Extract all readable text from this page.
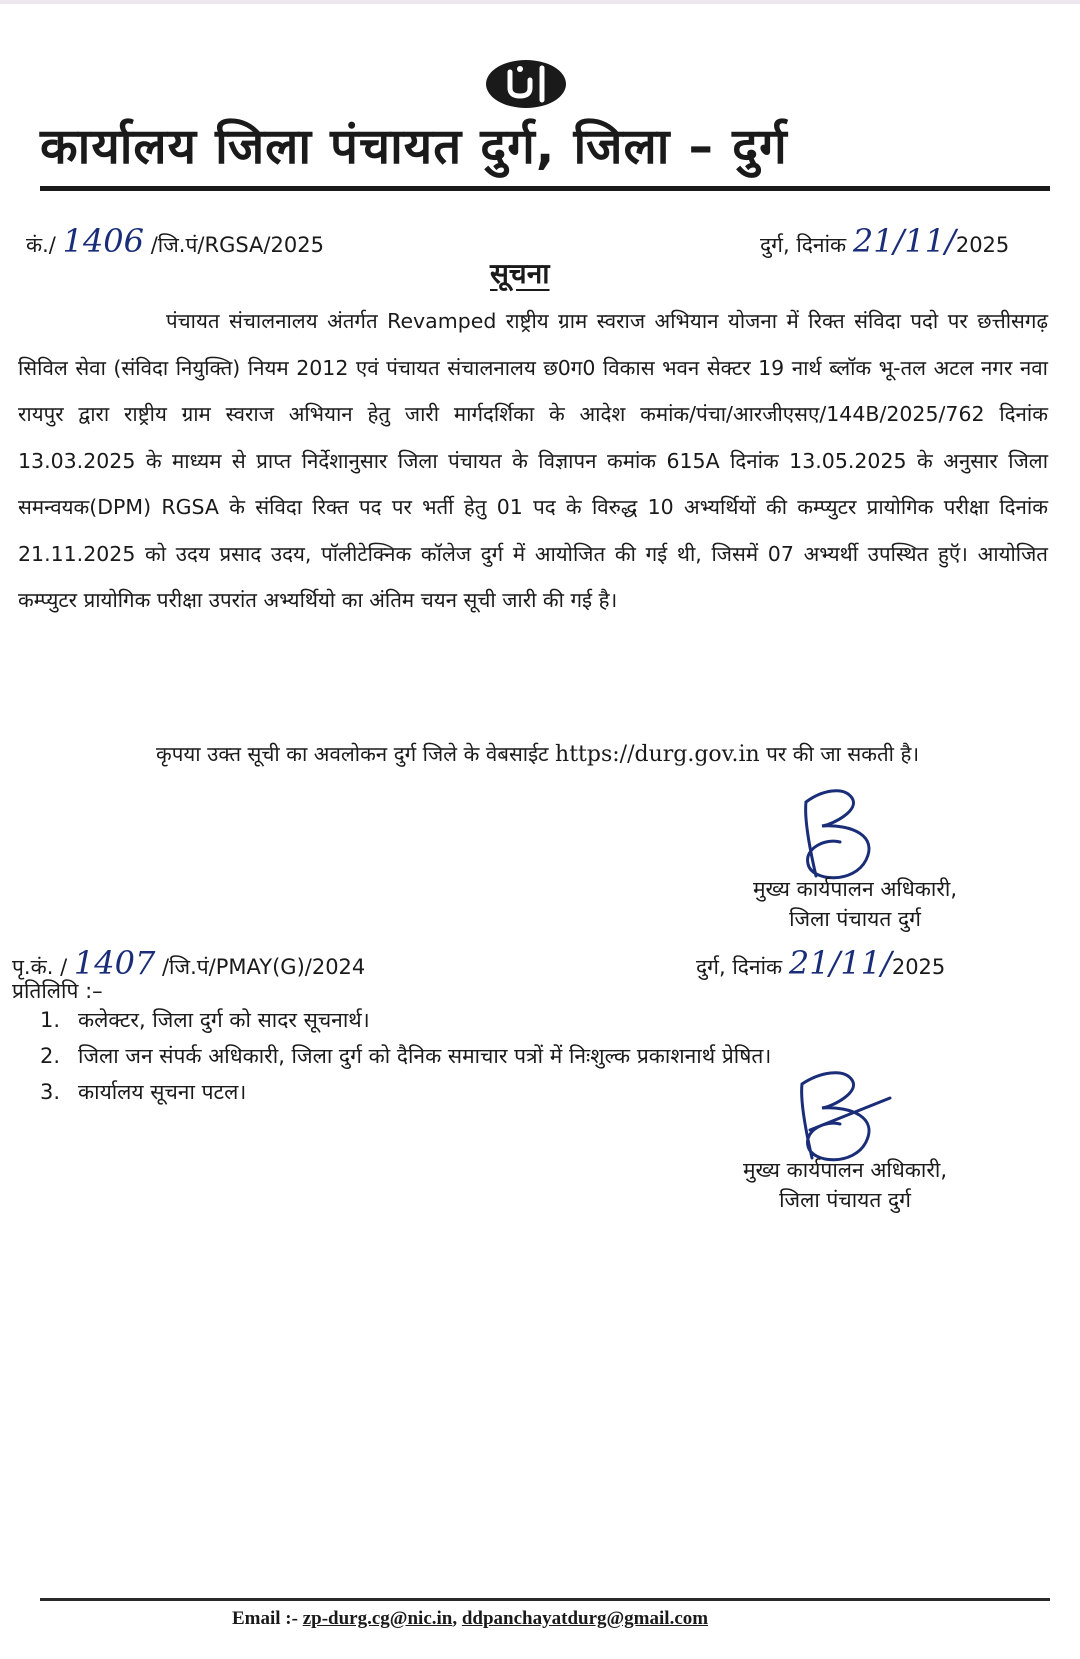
कार्यालय जिला पंचायत दुर्ग, जिला – दुर्ग
कं./ 1406 /जि.पं/RGSA/2025	दुर्ग, दिनांक 21/11/2025
सूचना
पंचायत संचालनालय अंतर्गत Revamped राष्ट्रीय ग्राम स्वराज अभियान योजना में रिक्त संविदा पदो पर छत्तीसगढ़ सिविल सेवा (संविदा नियुक्ति) नियम 2012 एवं पंचायत संचालनालय छ0ग0 विकास भवन सेक्टर 19 नार्थ ब्लॉक भू-तल अटल नगर नवा रायपुर द्वारा राष्ट्रीय ग्राम स्वराज अभियान हेतु जारी मार्गदर्शिका के आदेश कमांक/पंचा/आरजीएसए/144B/2025/762 दिनांक 13.03.2025 के माध्यम से प्राप्त निर्देशानुसार जिला पंचायत के विज्ञापन कमांक 615A दिनांक 13.05.2025 के अनुसार जिला समन्वयक(DPM) RGSA के संविदा रिक्त पद पर भर्ती हेतु 01 पद के विरुद्ध 10 अभ्यर्थियों की कम्प्युटर प्रायोगिक परीक्षा दिनांक 21.11.2025 को उदय प्रसाद उदय, पॉलीटेक्निक कॉलेज दुर्ग में आयोजित की गई थी, जिसमें 07 अभ्यर्थी उपस्थित हुऍ। आयोजित कम्प्युटर प्रायोगिक परीक्षा उपरांत अभ्यर्थियो का अंतिम चयन सूची जारी की गई है।
कृपया उक्त सूची का अवलोकन दुर्ग जिले के वेबसाईट https://durg.gov.in पर की जा सकती है।
मुख्य कार्यपालन अधिकारी,
जिला पंचायत दुर्ग
पृ.कं. / 1407 /जि.पं/PMAY(G)/2024	दुर्ग, दिनांक 21/11/2025
प्रतिलिपि :–
1. कलेक्टर, जिला दुर्ग को सादर सूचनार्थ।
2. जिला जन संपर्क अधिकारी, जिला दुर्ग को दैनिक समाचार पत्रों में निःशुल्क प्रकाशनार्थ प्रेषित।
3. कार्यालय सूचना पटल।
मुख्य कार्यपालन अधिकारी,
जिला पंचायत दुर्ग
Email :- zp-durg.cg@nic.in, ddpanchayatdurg@gmail.com
